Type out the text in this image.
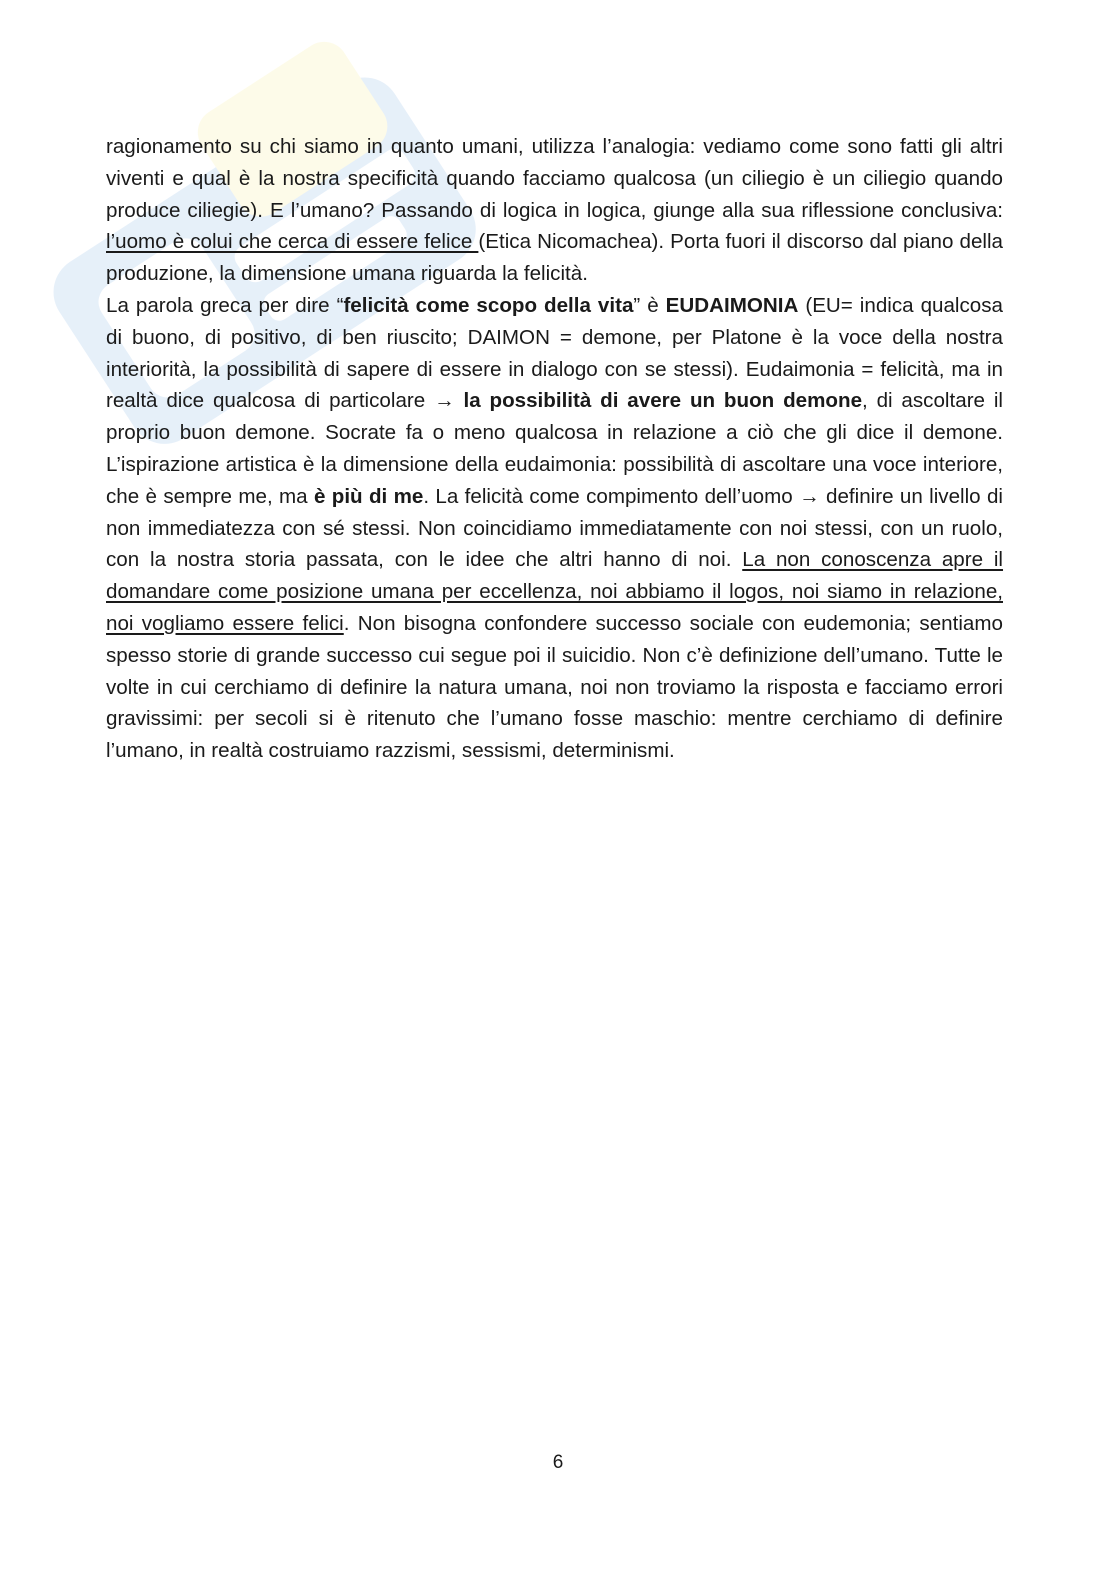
ragionamento su chi siamo in quanto umani, utilizza l’analogia: vediamo come sono fatti gli altri viventi e qual è la nostra specificità quando facciamo qualcosa (un ciliegio è un ciliegio quando produce ciliegie). E l’umano? Passando di logica in logica, giunge alla sua riflessione conclusiva: l’uomo è colui che cerca di essere felice (Etica Nicomachea). Porta fuori il discorso dal piano della produzione, la dimensione umana riguarda la felicità.

La parola greca per dire “felicità come scopo della vita” è EUDAIMONIA (EU= indica qualcosa di buono, di positivo, di ben riuscito; DAIMON = demone, per Platone è la voce della nostra interiorità, la possibilità di sapere di essere in dialogo con se stessi). Eudaimonia = felicità, ma in realtà dice qualcosa di particolare → la possibilità di avere un buon demone, di ascoltare il proprio buon demone. Socrate fa o meno qualcosa in relazione a ciò che gli dice il demone. L’ispirazione artistica è la dimensione della eudaimonia: possibilità di ascoltare una voce interiore, che è sempre me, ma è più di me. La felicità come compimento dell’uomo → definire un livello di non immediatezza con sé stessi. Non coincidiamo immediatamente con noi stessi, con un ruolo, con la nostra storia passata, con le idee che altri hanno di noi. La non conoscenza apre il domandare come posizione umana per eccellenza, noi abbiamo il logos, noi siamo in relazione, noi vogliamo essere felici. Non bisogna confondere successo sociale con eudemonia; sentiamo spesso storie di grande successo cui segue poi il suicidio. Non c’è definizione dell’umano. Tutte le volte in cui cerchiamo di definire la natura umana, noi non troviamo la risposta e facciamo errori gravissimi: per secoli si è ritenuto che l’umano fosse maschio: mentre cerchiamo di definire l’umano, in realtà costruiamo razzismi, sessismi, determinismi.

6
